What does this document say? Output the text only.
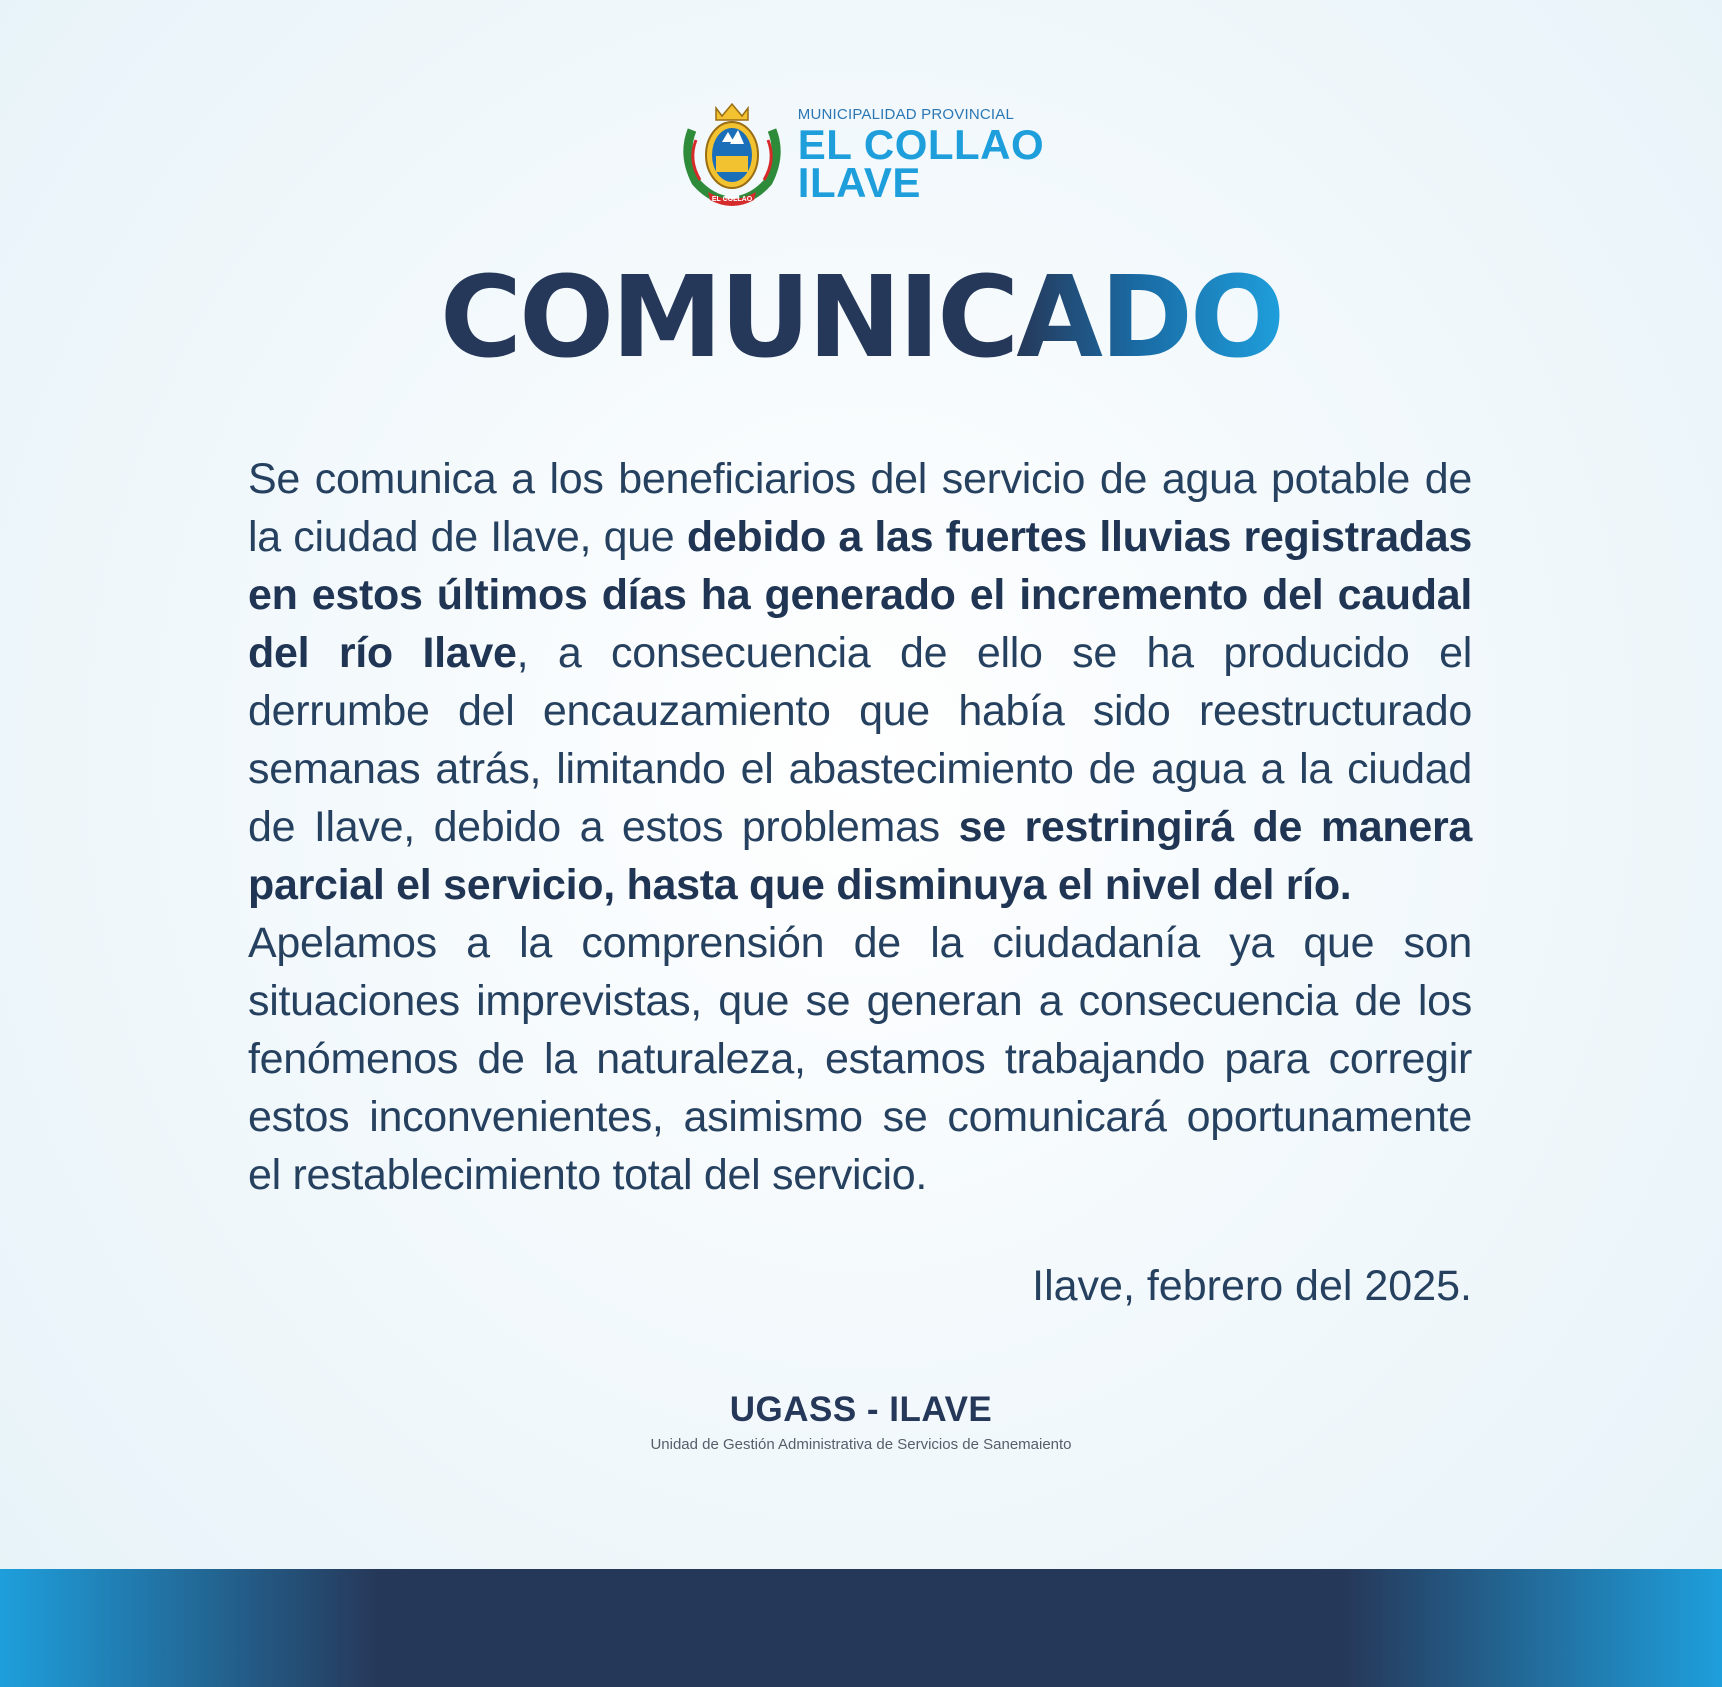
EL COLLAO
MUNICIPALIDAD PROVINCIAL
EL COLLAO
ILAVE
COMUNICADO
Se comunica a los beneficiarios del servicio de agua potable de la ciudad de Ilave, que debido a las fuertes lluvias registradas en estos últimos días ha generado el incremento del caudal del río Ilave, a consecuencia de ello se ha producido el derrumbe del encauzamiento que había sido reestructurado semanas atrás, limitando el abastecimiento de agua a la ciudad de Ilave, debido a estos problemas se restringirá de manera parcial el servicio, hasta que disminuya el nivel del río.
Apelamos a la comprensión de la ciudadanía ya que son situaciones imprevistas, que se generan a consecuencia de los fenómenos de la naturaleza, estamos trabajando para corregir estos inconvenientes, asimismo se comunicará oportunamente el restablecimiento total del servicio.
Ilave, febrero del 2025.
UGASS - ILAVE
Unidad de Gestión Administrativa de Servicios de Sanemaiento
